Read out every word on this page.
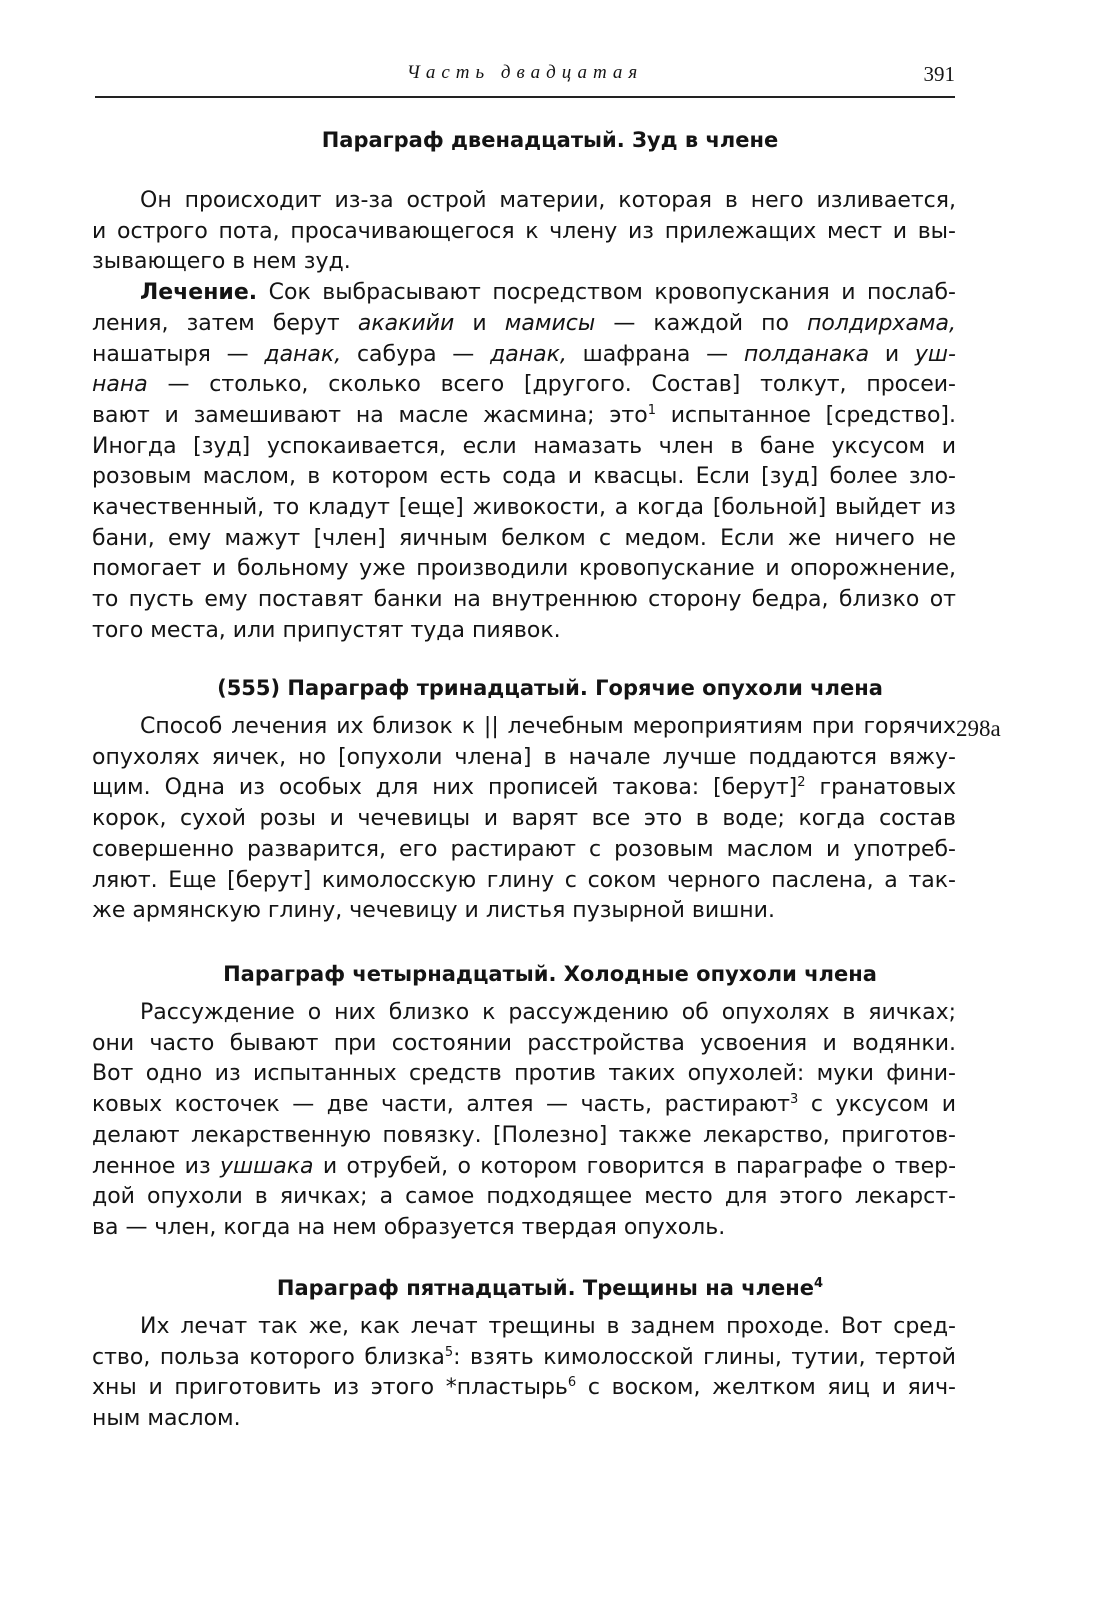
Часть двадцатая	391
Параграф двенадцатый. Зуд в члене
Он происходит из-за острой материи, которая в него изливается,
и острого пота, просачивающегося к члену из прилежащих мест и вы-
зывающего в нем зуд.
Лечение. Сок выбрасывают посредством кровопускания и послаб-
ления, затем берут акакийи и мамисы — каждой по полдирхама,
нашатыря — данак, сабура — данак, шафрана — полданака и уш-
нана — столько, сколько всего [другого. Состав] толкут, просеи-
вают и замешивают на масле жасмина; это$^1$ испытанное [средство].
Иногда [зуд] успокаивается, если намазать член в бане уксусом и
розовым маслом, в котором есть сода и квасцы. Если [зуд] более зло-
качественный, то кладут [еще] живокости, а когда [больной] выйдет из
бани, ему мажут [член] яичным белком с медом. Если же ничего не
помогает и больному уже производили кровопускание и опорожнение,
то пусть ему поставят банки на внутреннюю сторону бедра, близко от
того места, или припустят туда пиявок.
(555) Параграф тринадцатый. Горячие опухоли члена
Способ лечения их близок к || лечебным мероприятиям при горячих
опухолях яичек, но [опухоли члена] в начале лучше поддаются вяжу-
щим. Одна из особых для них прописей такова: [берут]$^2$ гранатовых
корок, сухой розы и чечевицы и варят все это в воде; когда состав
совершенно разварится, его растирают с розовым маслом и употреб-
ляют. Еще [берут] кимолосскую глину с соком черного паслена, а так-
же армянскую глину, чечевицу и листья пузырной вишни.
298а
Параграф четырнадцатый. Холодные опухоли члена
Рассуждение о них близко к рассуждению об опухолях в яичках;
они часто бывают при состоянии расстройства усвоения и водянки.
Вот одно из испытанных средств против таких опухолей: муки фини-
ковых косточек — две части, алтея — часть, растирают$^3$ с уксусом и
делают лекарственную повязку. [Полезно] также лекарство, приготов-
ленное из ушшака и отрубей, о котором говорится в параграфе о твер-
дой опухоли в яичках; а самое подходящее место для этого лекарст-
ва — член, когда на нем образуется твердая опухоль.
Параграф пятнадцатый. Трещины на члене$^4$
Их лечат так же, как лечат трещины в заднем проходе. Вот сред-
ство, польза которого близка$^5$: взять кимолосской глины, тутии, тертой
хны и приготовить из этого *пластырь$^6$ с воском, желтком яиц и яич-
ным маслом.
